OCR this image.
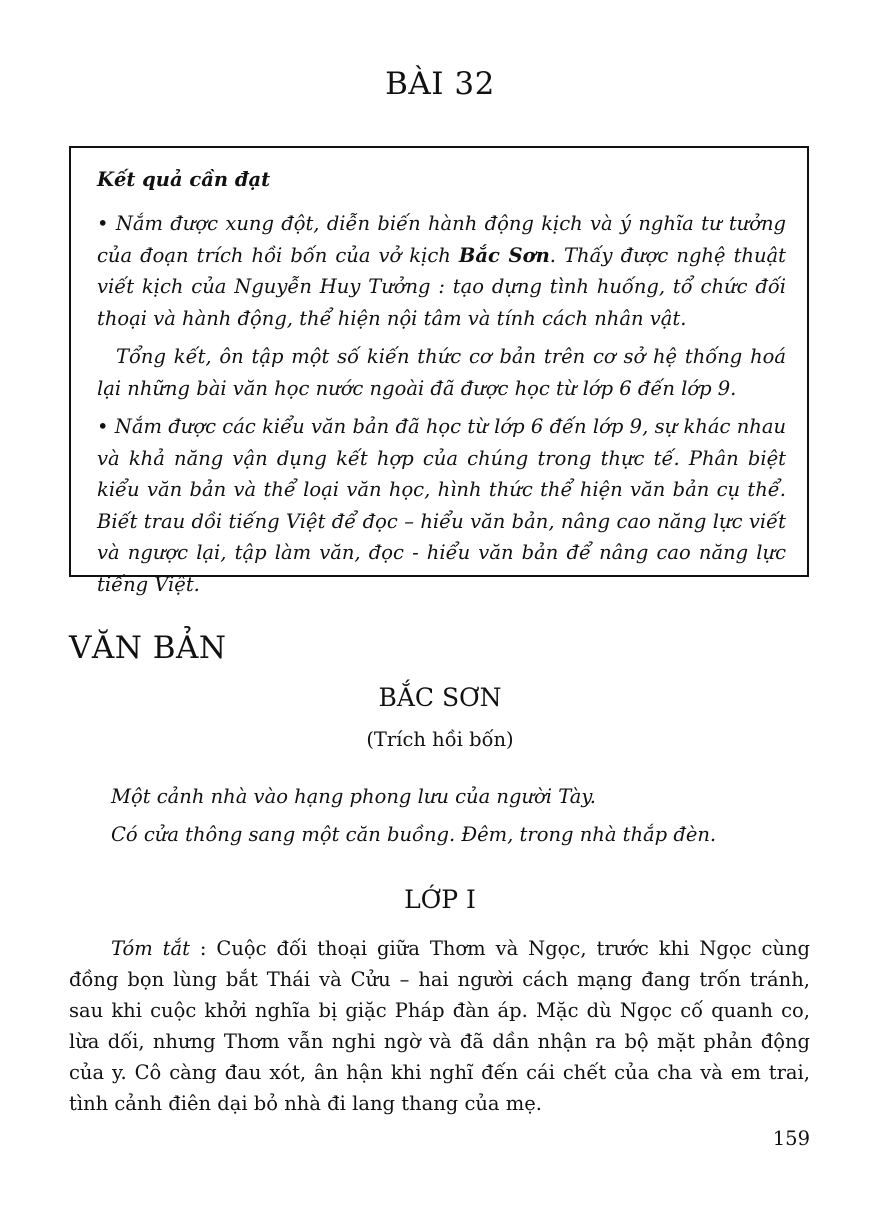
BÀI 32
Kết quả cần đạt

• Nắm được xung đột, diễn biến hành động kịch và ý nghĩa tư tưởng của đoạn trích hồi bốn của vở kịch Bắc Sơn. Thấy được nghệ thuật viết kịch của Nguyễn Huy Tưởng : tạo dựng tình huống, tổ chức đối thoại và hành động, thể hiện nội tâm và tính cách nhân vật.

Tổng kết, ôn tập một số kiến thức cơ bản trên cơ sở hệ thống hoá lại những bài văn học nước ngoài đã được học từ lớp 6 đến lớp 9.

• Nắm được các kiểu văn bản đã học từ lớp 6 đến lớp 9, sự khác nhau và khả năng vận dụng kết hợp của chúng trong thực tế. Phân biệt kiểu văn bản và thể loại văn học, hình thức thể hiện văn bản cụ thể. Biết trau dồi tiếng Việt để đọc – hiểu văn bản, nâng cao năng lực viết và ngược lại, tập làm văn, đọc - hiểu văn bản để nâng cao năng lực tiếng Việt.

VĂN BẢN
BẮC SƠN
(Trích hồi bốn)

Một cảnh nhà vào hạng phong lưu của người Tày.

Có cửa thông sang một căn buồng. Đêm, trong nhà thắp đèn.

LỚP I

Tóm tắt : Cuộc đối thoại giữa Thơm và Ngọc, trước khi Ngọc cùng đồng bọn lùng bắt Thái và Cửu – hai người cách mạng đang trốn tránh, sau khi cuộc khởi nghĩa bị giặc Pháp đàn áp. Mặc dù Ngọc cố quanh co, lừa dối, nhưng Thơm vẫn nghi ngờ và đã dần nhận ra bộ mặt phản động của y. Cô càng đau xót, ân hận khi nghĩ đến cái chết của cha và em trai, tình cảnh điên dại bỏ nhà đi lang thang của mẹ.

159
